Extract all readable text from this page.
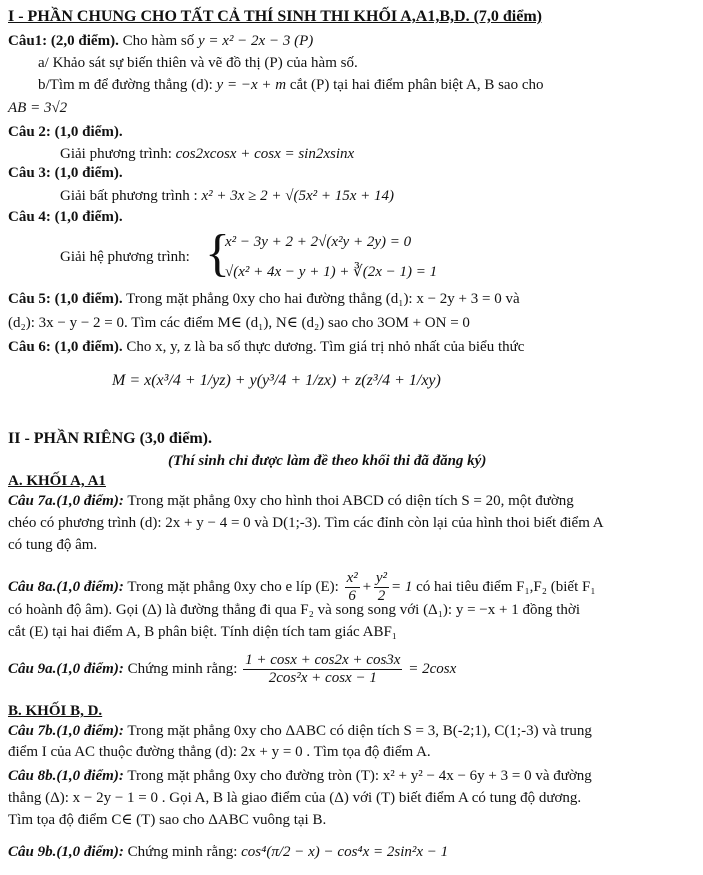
I - PHẦN CHUNG CHO TẤT CẢ THÍ SINH THI KHỐI A,A1,B,D. (7,0 điểm)
Câu1: (2,0 điểm). Cho hàm số y = x² − 2x − 3 (P)
a/ Khảo sát sự biến thiên và vẽ đồ thị (P) của hàm số.
b/Tìm m để đường thẳng (d): y = −x + m cắt (P) tại hai điểm phân biệt A, B sao cho
AB = 3√2
Câu 2: (1,0 điểm).
Giải phương trình: cos2xcosx + cosx = sin2xsinx
Câu 3: (1,0 điểm).
Giải bất phương trình : x² + 3x ≥ 2 + √(5x² + 15x + 14)
Câu 4: (1,0 điểm).
Giải hệ phương trình: {
x² − 3y + 2 + 2√(x²y + 2y) = 0
√(x² + 4x − y + 1) + ∛(2x − 1) = 1
Câu 5: (1,0 điểm). Trong mặt phẳng 0xy cho hai đường thẳng (d₁): x − 2y + 3 = 0 và
(d₂): 3x − y − 2 = 0. Tìm các điểm M∈ (d₁), N∈ (d₂) sao cho 3OM + ON = 0
Câu 6: (1,0 điểm). Cho x, y, z là ba số thực dương. Tìm giá trị nhỏ nhất của biểu thức
M = x(x³/4 + 1/yz) + y(y³/4 + 1/zx) + z(z³/4 + 1/xy)
II - PHẦN RIÊNG (3,0 điểm).
(Thí sinh chỉ được làm đề theo khối thi đã đăng ký)
A. KHỐI A, A1
Câu 7a.(1,0 điểm): Trong mặt phẳng 0xy cho hình thoi ABCD có diện tích S = 20, một đường
chéo có phương trình (d): 2x + y − 4 = 0 và D(1;-3). Tìm các đỉnh còn lại của hình thoi biết điểm A
có tung độ âm.
Câu 8a.(1,0 điểm): Trong mặt phẳng 0xy cho e líp (E): $\frac{\text{x²}}{6} + \frac{\text{y²}}{2} = 1$ có hai tiêu điểm F₁,F₂ (biết F₁
có hoành độ âm). Gọi (Δ) là đường thẳng đi qua F₂ và song song với (Δ₁): y = −x + 1 đồng thời
cắt (E) tại hai điểm A, B phân biệt. Tính diện tích tam giác ABF₁
Câu 9a.(1,0 điểm): Chứng minh rằng: $\frac{1 + \cos x + \cos 2x + \cos 3x}{\text{2cos²x + cosx − 1}} = 2\cos x$
B. KHỐI B, D.
Câu 7b.(1,0 điểm): Trong mặt phẳng 0xy cho ΔABC có diện tích S = 3, B(-2;1), C(1;-3) và trung
điểm I của AC thuộc đường thẳng (d): 2x + y = 0 . Tìm tọa độ điểm A.
Câu 8b.(1,0 điểm): Trong mặt phẳng 0xy cho đường tròn (T): x² + y² − 4x − 6y + 3 = 0 và đường
thẳng (Δ): x − 2y − 1 = 0 . Gọi A, B là giao điểm của (Δ) với (T) biết điểm A có tung độ dương.
Tìm tọa độ điểm C∈ (T) sao cho ΔABC vuông tại B.
Câu 9b.(1,0 điểm): Chứng minh rằng: cos⁴(π/2 − x) − cos⁴x = 2sin²x − 1
